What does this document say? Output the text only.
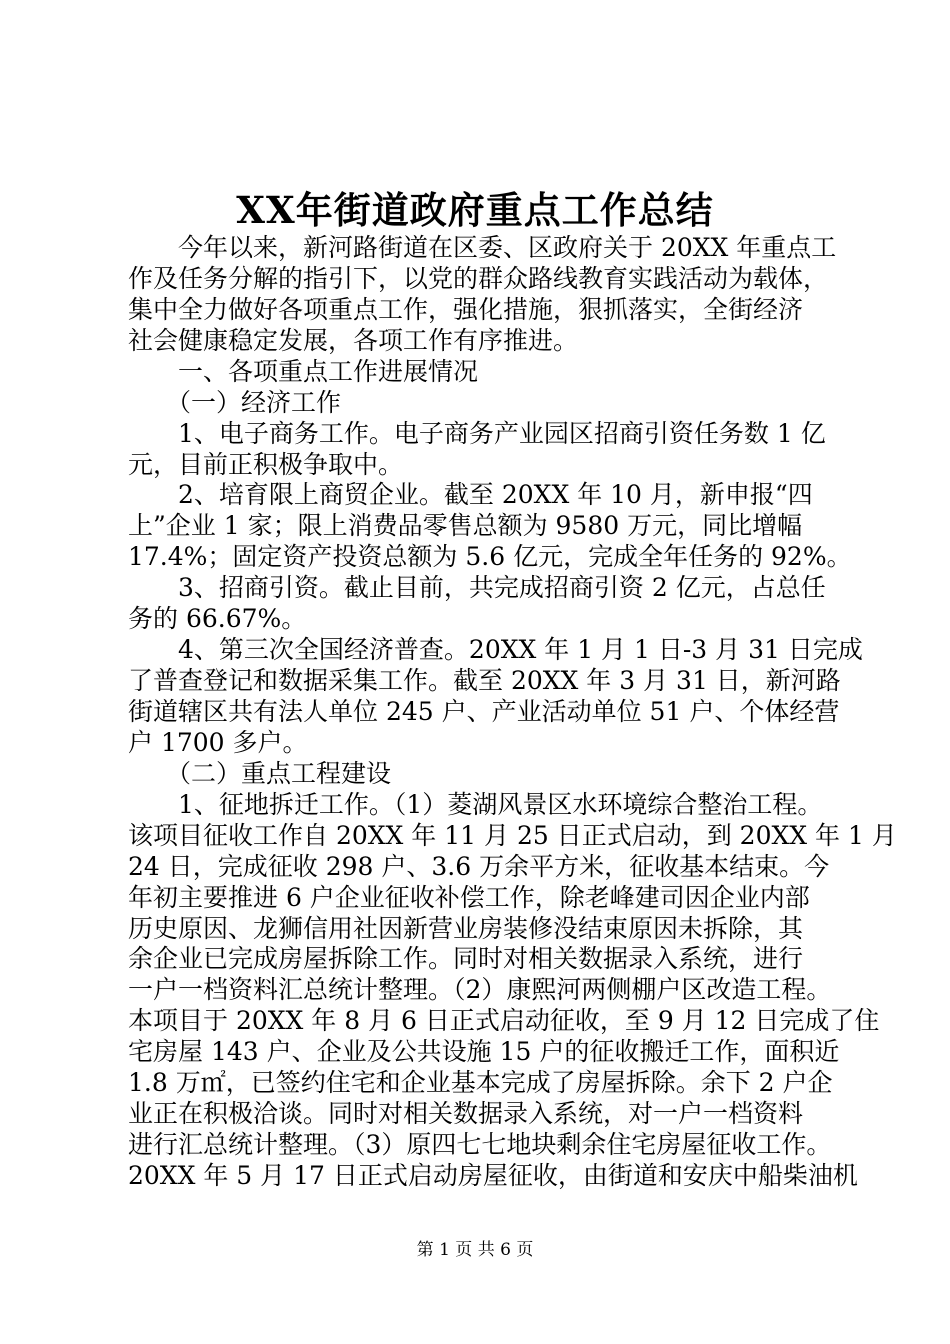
XX年街道政府重点工作总结
今年以来，新河路街道在区委、区政府关于 20XX 年重点工
作及任务分解的指引下，以党的群众路线教育实践活动为载体，
集中全力做好各项重点工作，强化措施，狠抓落实，全街经济
社会健康稳定发展，各项工作有序推进。
一、各项重点工作进展情况
（一）经济工作
1、电子商务工作。电子商务产业园区招商引资任务数 1 亿
元，目前正积极争取中。
2、培育限上商贸企业。截至 20XX 年 10 月，新申报“四
上”企业 1 家；限上消费品零售总额为 9580 万元，同比增幅
17.4%；固定资产投资总额为 5.6 亿元，完成全年任务的 92%。
3、招商引资。截止目前，共完成招商引资 2 亿元，占总任
务的 66.67%。
4、第三次全国经济普查。20XX 年 1 月 1 日-3 月 31 日完成
了普查登记和数据采集工作。截至 20XX 年 3 月 31 日，新河路
街道辖区共有法人单位 245 户、产业活动单位 51 户、个体经营
户 1700 多户。
（二）重点工程建设
1、征地拆迁工作。（1）菱湖风景区水环境综合整治工程。
该项目征收工作自 20XX 年 11 月 25 日正式启动，到 20XX 年 1 月
24 日，完成征收 298 户、3.6 万余平方米，征收基本结束。今
年初主要推进 6 户企业征收补偿工作，除老峰建司因企业内部
历史原因、龙狮信用社因新营业房装修没结束原因未拆除，其
余企业已完成房屋拆除工作。同时对相关数据录入系统，进行
一户一档资料汇总统计整理。（2）康熙河两侧棚户区改造工程。
本项目于 20XX 年 8 月 6 日正式启动征收，至 9 月 12 日完成了住
宅房屋 143 户、企业及公共设施 15 户的征收搬迁工作，面积近
1.8 万㎡，已签约住宅和企业基本完成了房屋拆除。余下 2 户企
业正在积极洽谈。同时对相关数据录入系统，对一户一档资料
进行汇总统计整理。（3）原四七七地块剩余住宅房屋征收工作。
20XX 年 5 月 17 日正式启动房屋征收，由街道和安庆中船柴油机
第 1 页 共 6 页
